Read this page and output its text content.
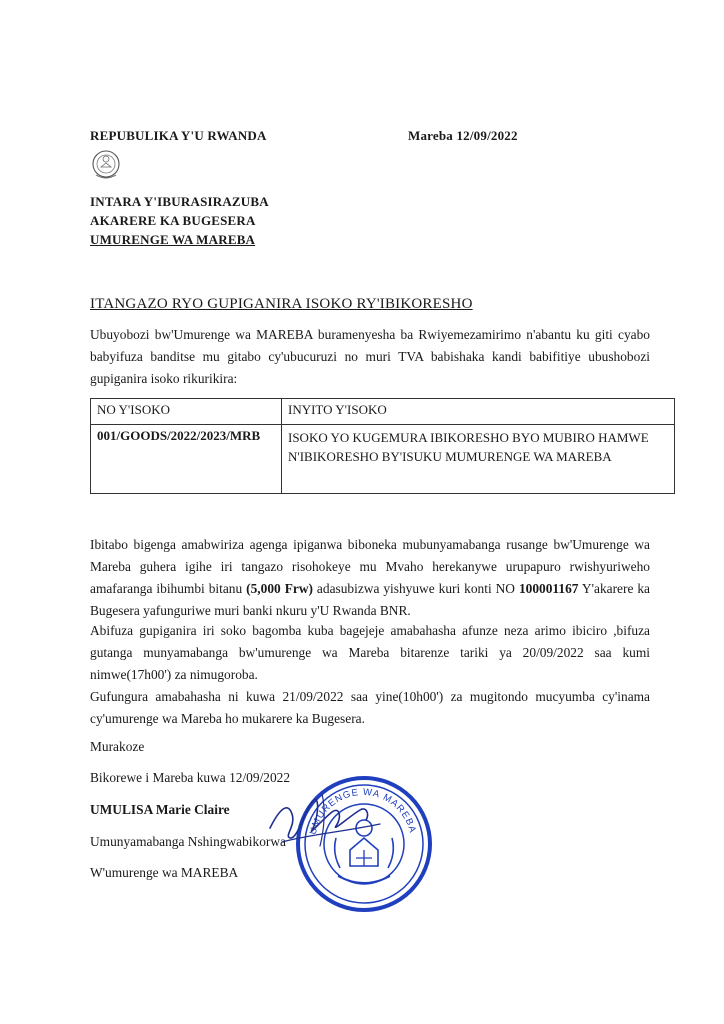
REPUBULIKA Y'U RWANDA	Mareba 12/09/2022
INTARA Y'IBURASIRAZUBA
AKARERE KA BUGESERA
UMURENGE WA MAREBA
ITANGAZO RYO GUPIGANIRA ISOKO RY'IBIKORESHO
Ubuyobozi bw'Umurenge wa MAREBA buramenyesha ba Rwiyemezamirimo n'abantu ku giti cyabo babyifuza banditse mu gitabo cy'ubucuruzi no muri TVA babishaka kandi babifitiye ubushobozi gupiganira isoko rikurikira:
NO Y'ISOKO	INYITO Y'ISOKO
001/GOODS/2022/2023/MRB	ISOKO YO KUGEMURA IBIKORESHO BYO MUBIRO HAMWE N'IBIKORESHO BY'ISUKU MUMURENGE WA MAREBA
Ibitabo bigenga amabwiriza agenga ipiganwa biboneka mubunyamabanga rusange bw'Umurenge wa Mareba guhera igihe iri tangazo risohokeye mu Mvaho herekanywe urupapuro rwishyuriweho amafaranga ibihumbi bitanu (5,000 Frw) adasubizwa yishyuwe kuri konti NO 100001167 Y'akarere ka Bugesera yafunguriwe muri banki nkuru y'U Rwanda BNR.
Abifuza gupiganira iri soko bagomba kuba bagejeje amabahasha afunze neza arimo ibiciro ,bifuza gutanga munyamabanga bw'umurenge wa Mareba bitarenze tariki ya 20/09/2022 saa kumi nimwe(17h00') za nimugoroba.
Gufungura amabahasha ni kuwa 21/09/2022 saa yine(10h00') za mugitondo mucyumba cy'inama cy'umurenge wa Mareba ho mukarere ka Bugesera.
Murakoze
Bikorewe i Mareba kuwa 12/09/2022
UMULISA Marie Claire
Umunyamabanga Nshingwabikorwa
W'umurenge wa MAREBA
UMURENGE WA MAREBA
